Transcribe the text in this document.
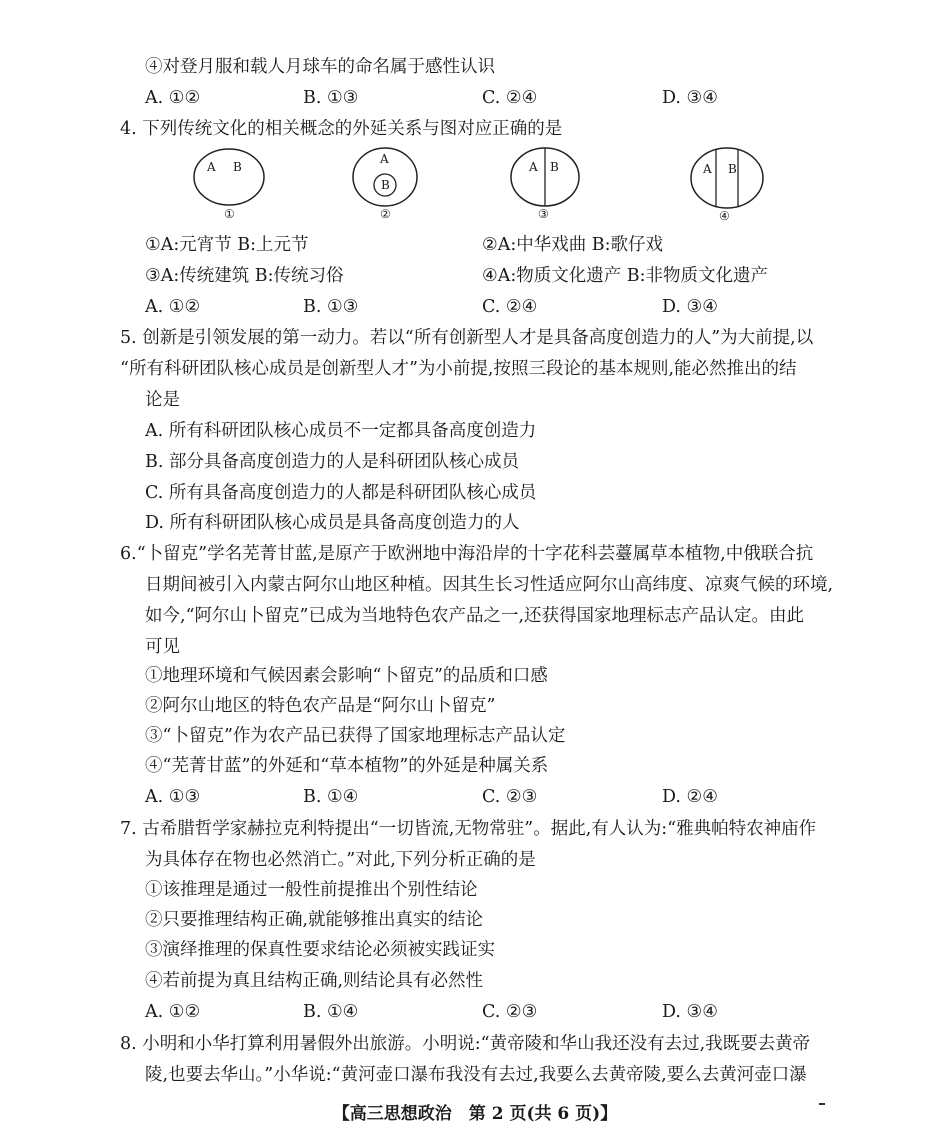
④对登月服和载人月球车的命名属于感性认识
A. ①②	B. ①③	C. ②④	D. ③④
4. 下列传统文化的相关概念的外延关系与图对应正确的是
A B
①
A
B
②
A B
③
A B
④
①A:元宵节 B:上元节	②A:中华戏曲 B:歌仔戏
③A:传统建筑 B:传统习俗	④A:物质文化遗产 B:非物质文化遗产
A. ①②	B. ①③	C. ②④	D. ③④
5. 创新是引领发展的第一动力。若以“所有创新型人才是具备高度创造力的人”为大前提,以
“所有科研团队核心成员是创新型人才”为小前提,按照三段论的基本规则,能必然推出的结
论是
A. 所有科研团队核心成员不一定都具备高度创造力
B. 部分具备高度创造力的人是科研团队核心成员
C. 所有具备高度创造力的人都是科研团队核心成员
D. 所有科研团队核心成员是具备高度创造力的人
6.“卜留克”学名芜菁甘蓝,是原产于欧洲地中海沿岸的十字花科芸薹属草本植物,中俄联合抗
日期间被引入内蒙古阿尔山地区种植。因其生长习性适应阿尔山高纬度、凉爽气候的环境,
如今,“阿尔山卜留克”已成为当地特色农产品之一,还获得国家地理标志产品认定。由此
可见
①地理环境和气候因素会影响“卜留克”的品质和口感
②阿尔山地区的特色农产品是“阿尔山卜留克”
③“卜留克”作为农产品已获得了国家地理标志产品认定
④“芜菁甘蓝”的外延和“草本植物”的外延是种属关系
A. ①③	B. ①④	C. ②③	D. ②④
7. 古希腊哲学家赫拉克利特提出“一切皆流,无物常驻”。据此,有人认为:“雅典帕特农神庙作
为具体存在物也必然消亡。”对此,下列分析正确的是
①该推理是通过一般性前提推出个别性结论
②只要推理结构正确,就能够推出真实的结论
③演绎推理的保真性要求结论必须被实践证实
④若前提为真且结构正确,则结论具有必然性
A. ①②	B. ①④	C. ②③	D. ③④
8. 小明和小华打算利用暑假外出旅游。小明说:“黄帝陵和华山我还没有去过,我既要去黄帝
陵,也要去华山。”小华说:“黄河壶口瀑布我没有去过,我要么去黄帝陵,要么去黄河壶口瀑
【高三思想政治　第 2 页(共 6 页)】
